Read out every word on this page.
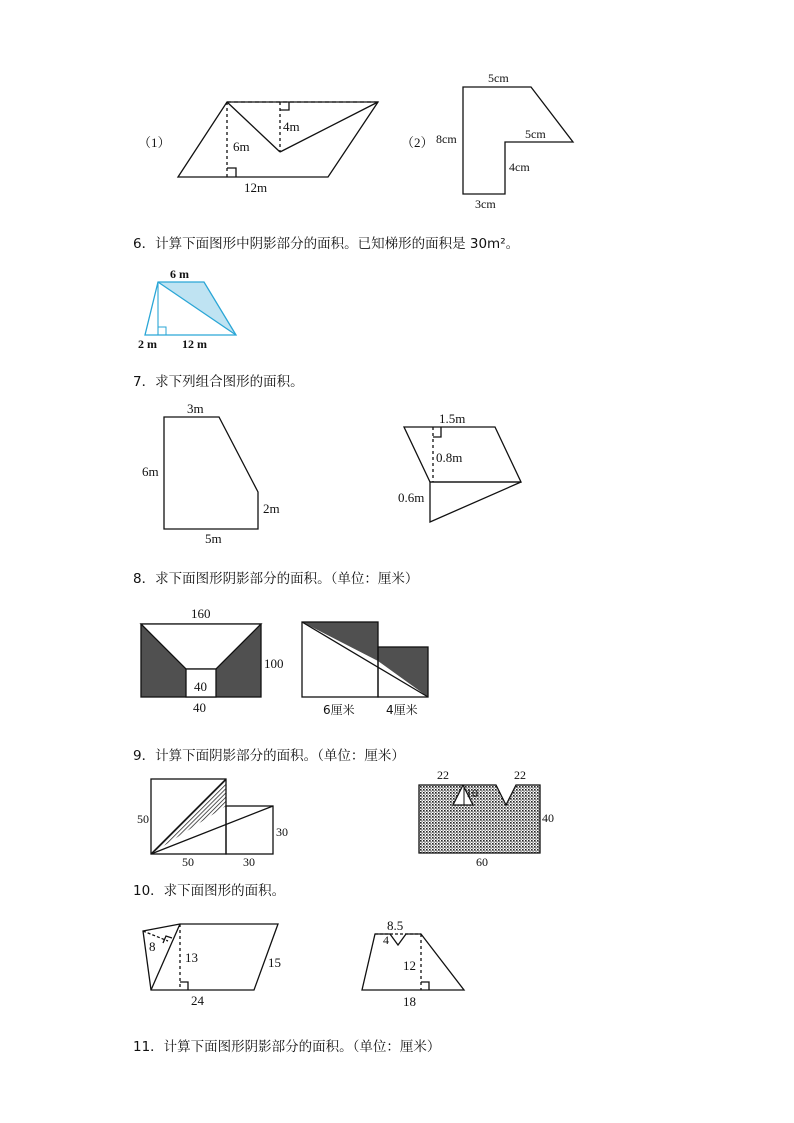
6．计算下面图形中阴影部分的面积。已知梯形的面积是 30m²。
7．求下列组合图形的面积。
8．求下面图形阴影部分的面积。（单位：厘米）
9．计算下面阴影部分的面积。（单位：厘米）
10．求下面图形的面积。
11．计算下面图形阴影部分的面积。（单位：厘米）
（1）	6m
4m
12m
（2）
5cm
8cm	5cm
4cm
3cm
6 m
2 m 12 m
3m
6m
2m
5m
1.5m
0.8m
0.6m
160
100
40
40	6厘米	4厘米
50
50	30
30
22	22
10
40
60
8
13	15
24
8.5
4
12
18
